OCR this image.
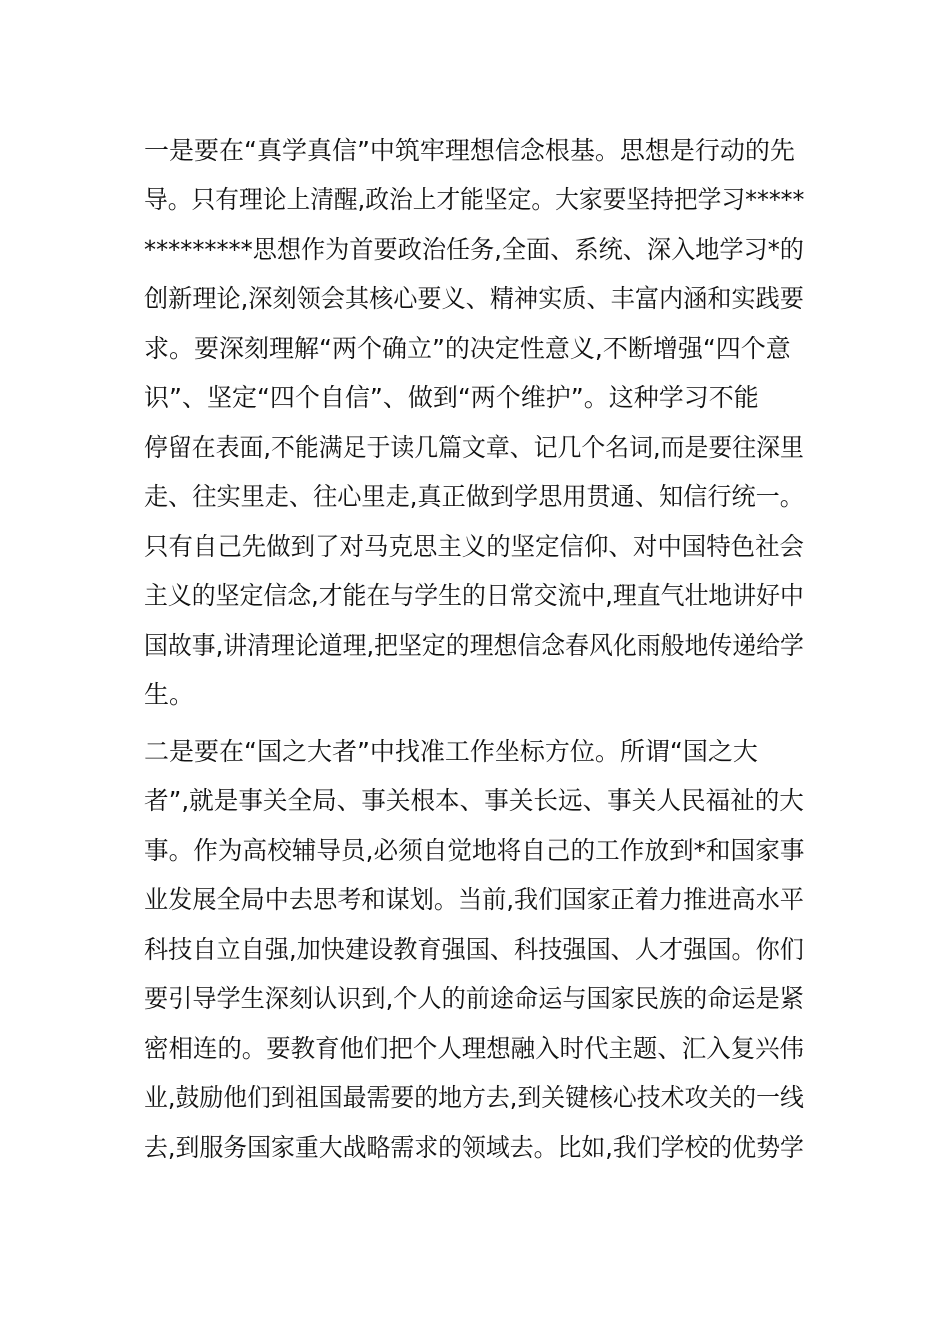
一是要在“真学真信”中筑牢理想信念根基。思想是行动的先
导。只有理论上清醒,政治上才能坚定。大家要坚持把学习*****
*********思想作为首要政治任务,全面、系统、深入地学习*的
创新理论,深刻领会其核心要义、精神实质、丰富内涵和实践要
求。要深刻理解“两个确立”的决定性意义,不断增强“四个意
识”、坚定“四个自信”、做到“两个维护”。这种学习不能
停留在表面,不能满足于读几篇文章、记几个名词,而是要往深里
走、往实里走、往心里走,真正做到学思用贯通、知信行统一。
只有自己先做到了对马克思主义的坚定信仰、对中国特色社会
主义的坚定信念,才能在与学生的日常交流中,理直气壮地讲好中
国故事,讲清理论道理,把坚定的理想信念春风化雨般地传递给学
生。
二是要在“国之大者”中找准工作坐标方位。所谓“国之大
者”,就是事关全局、事关根本、事关长远、事关人民福祉的大
事。作为高校辅导员,必须自觉地将自己的工作放到*和国家事
业发展全局中去思考和谋划。当前,我们国家正着力推进高水平
科技自立自强,加快建设教育强国、科技强国、人才强国。你们
要引导学生深刻认识到,个人的前途命运与国家民族的命运是紧
密相连的。要教育他们把个人理想融入时代主题、汇入复兴伟
业,鼓励他们到祖国最需要的地方去,到关键核心技术攻关的一线
去,到服务国家重大战略需求的领域去。比如,我们学校的优势学
